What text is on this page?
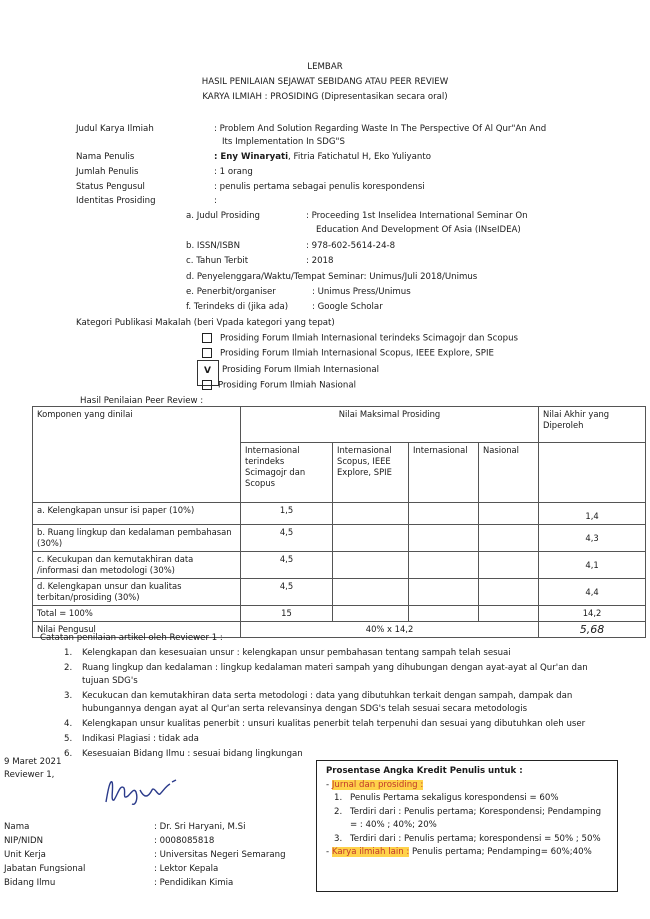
LEMBAR
HASIL PENILAIAN SEJAWAT SEBIDANG ATAU PEER REVIEW
KARYA ILMIAH : PROSIDING (Dipresentasikan secara oral)
Judul Karya Ilmiah	: Problem And Solution Regarding Waste In The Perspective Of Al Qur"An And
Its Implementation In SDG"S
Nama Penulis	: Eny Winaryati, Fitria Fatichatul H, Eko Yuliyanto
Jumlah Penulis	: 1 orang
Status Pengusul	: penulis pertama sebagai penulis korespondensi
Identitas Prosiding	:
a. Judul Prosiding	: Proceeding 1st Inselidea International Seminar On
Education And Development Of Asia (INseIDEA)
b. ISSN/ISBN	: 978-602-5614-24-8
c. Tahun Terbit	: 2018
d. Penyelenggara/Waktu/Tempat Seminar: Unimus/Juli 2018/Unimus
e. Penerbit/organiser	: Unimus Press/Unimus
f. Terindeks di (jika ada)	: Google Scholar
Kategori Publikasi Makalah (beri Vpada kategori yang tepat)
Prosiding Forum Ilmiah Internasional terindeks Scimagojr dan Scopus
Prosiding Forum Ilmiah Internasional Scopus, IEEE Explore, SPIE
V Prosiding Forum Ilmiah Internasional
Prosiding Forum Ilmiah Nasional
Hasil Penilaian Peer Review :
Komponen yang dinilai	Nilai Maksimal Prosiding				Nilai Akhir yang Diperoleh
	Internasional terindeks Scimagojr dan Scopus	Internasional Scopus, IEEE Explore, SPIE	Internasional	Nasional	
a. Kelengkapan unsur isi paper (10%)	1,5				1,4
b. Ruang lingkup dan kedalaman pembahasan (30%)	4,5				4,3
c. Kecukupan dan kemutakhiran data /informasi dan metodologi (30%)	4,5				4,1
d. Kelengkapan unsur dan kualitas terbitan/prosiding (30%)	4,5				4,4
Total = 100%	15				14,2
Nilai Pengusul	40% x 14,2				5,68
Catatan penilaian artikel oleh Reviewer 1 :
1. Kelengkapan dan kesesuaian unsur : kelengkapan unsur pembahasan tentang sampah telah sesuai
2. Ruang lingkup dan kedalaman : lingkup kedalaman materi sampah yang dihubungan dengan ayat-ayat al Qur'an dan
tujuan SDG's
3. Kecukucan dan kemutakhiran data serta metodologi : data yang dibutuhkan terkait dengan sampah, dampak dan
hubungannya dengan ayat al Qur'an serta relevansinya dengan SDG's telah sesuai secara metodologis
4. Kelengkapan unsur kualitas penerbit : unsuri kualitas penerbit telah terpenuhi dan sesuai yang dibutuhkan oleh user
5. Indikasi Plagiasi : tidak ada
6. Kesesuaian Bidang Ilmu : sesuai bidang lingkungan
9 Maret 2021
Reviewer 1,
Nama	: Dr. Sri Haryani, M.Si
NIP/NIDN	: 0008085818
Unit Kerja	: Universitas Negeri Semarang
Jabatan Fungsional	: Lektor Kepala
Bidang Ilmu	: Pendidikan Kimia
Prosentase Angka Kredit Penulis untuk :
- Jurnal dan prosiding :
1. Penulis Pertama sekaligus korespondensi = 60%
2. Terdiri dari : Penulis pertama; Korespondensi; Pendamping
= : 40% ; 40%; 20%
3. Terdiri dari : Penulis pertama; korespondensi = 50% ; 50%
- Karya ilmiah lain : Penulis pertama; Pendamping= 60%;40%
